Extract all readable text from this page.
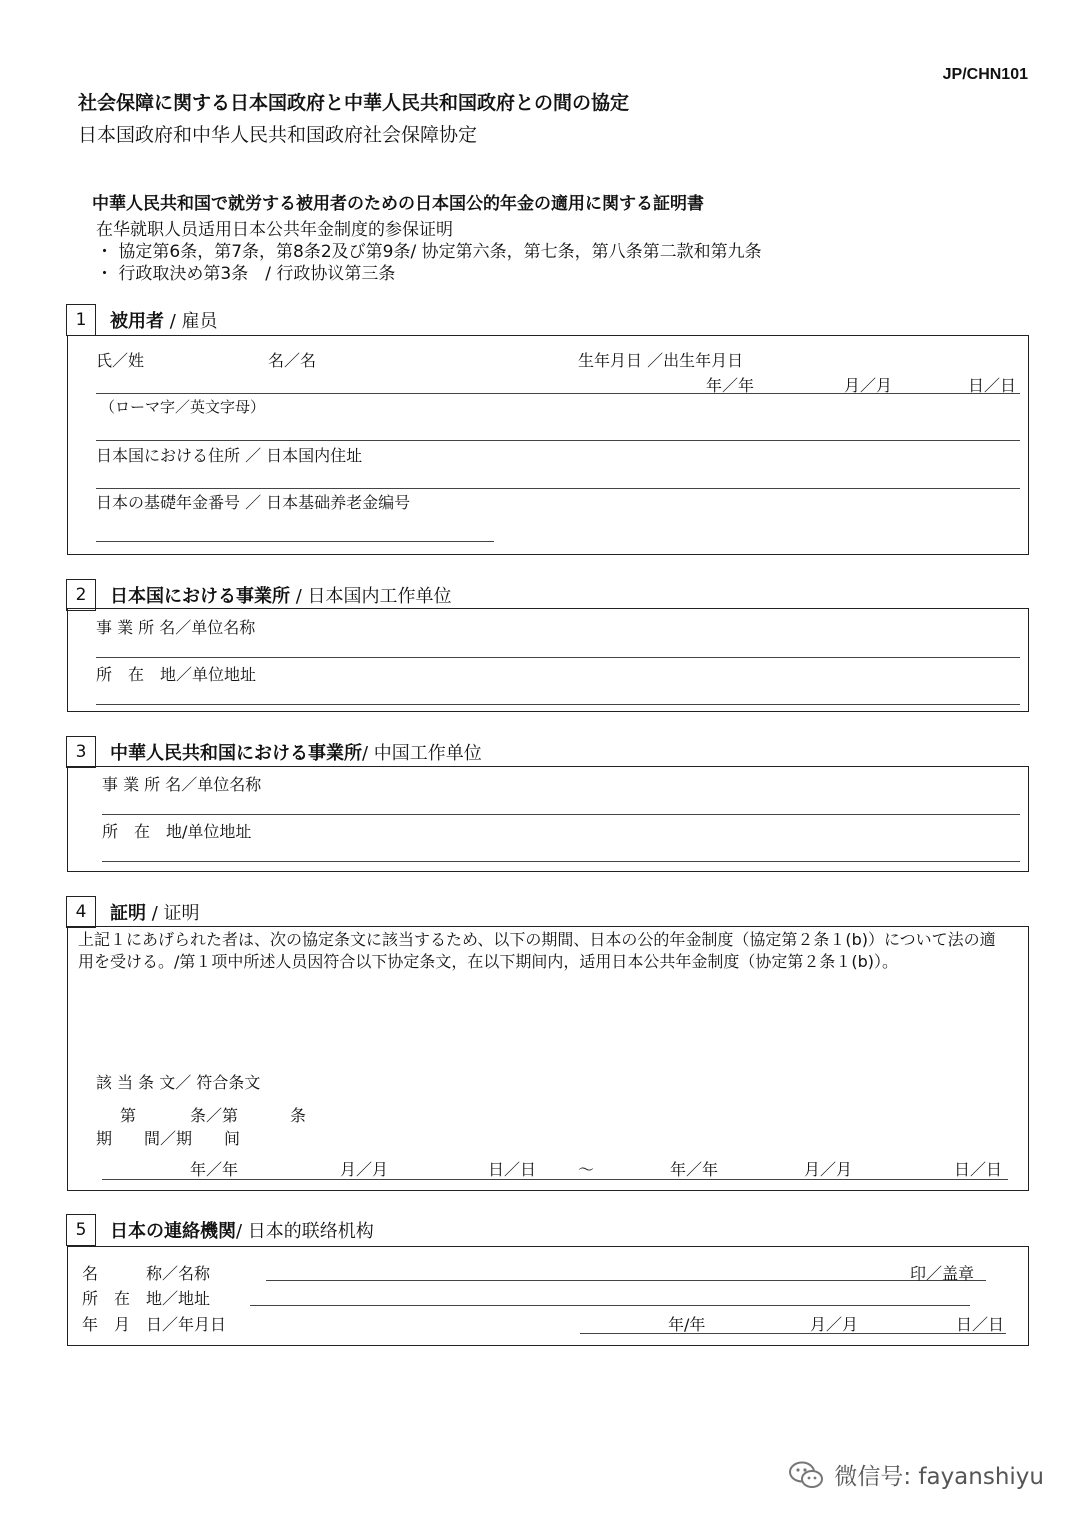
JP/CHN101
社会保障に関する日本国政府と中華人民共和国政府との間の協定
日本国政府和中华人民共和国政府社会保障协定
中華人民共和国で就労する被用者のための日本国公的年金の適用に関する証明書
在华就职人员适用日本公共年金制度的参保证明
・ 協定第6条，第7条，第8条2及び第9条/ 协定第六条，第七条，第八条第二款和第九条
・ 行政取決め第3条　/ 行政协议第三条
1	被用者 / 雇员
氏／姓	名／名	生年月日 ／出生年月日
年／年	月／月	日／日
（ローマ字／英文字母）
日本国における住所 ／ 日本国内住址
日本の基礎年金番号 ／ 日本基础养老金编号
2	日本国における事業所 / 日本国内工作单位
事 業 所 名／单位名称
所　在　地／单位地址
3	中華人民共和国における事業所/ 中国工作单位
事 業 所 名／单位名称
所　在　地/单位地址
4	証明 / 证明
上記１にあげられた者は、次の協定条文に該当するため、以下の期間、日本の公的年金制度（協定第２条１(b)）について法の適用を受ける。/第１项中所述人员因符合以下协定条文，在以下期间内，适用日本公共年金制度（协定第２条１(b)）。
該 当 条 文／ 符合条文
第	条／第	条
期　　間／期　　间
年／年	月／月	日／日	～	年／年	月／月	日／日
5	日本の連絡機関/ 日本的联络机构
名　　　称／名称	印／盖章
所　在　地／地址
年　月　日／年月日	年/年	月／月	日／日
微信号: fayanshiyu
